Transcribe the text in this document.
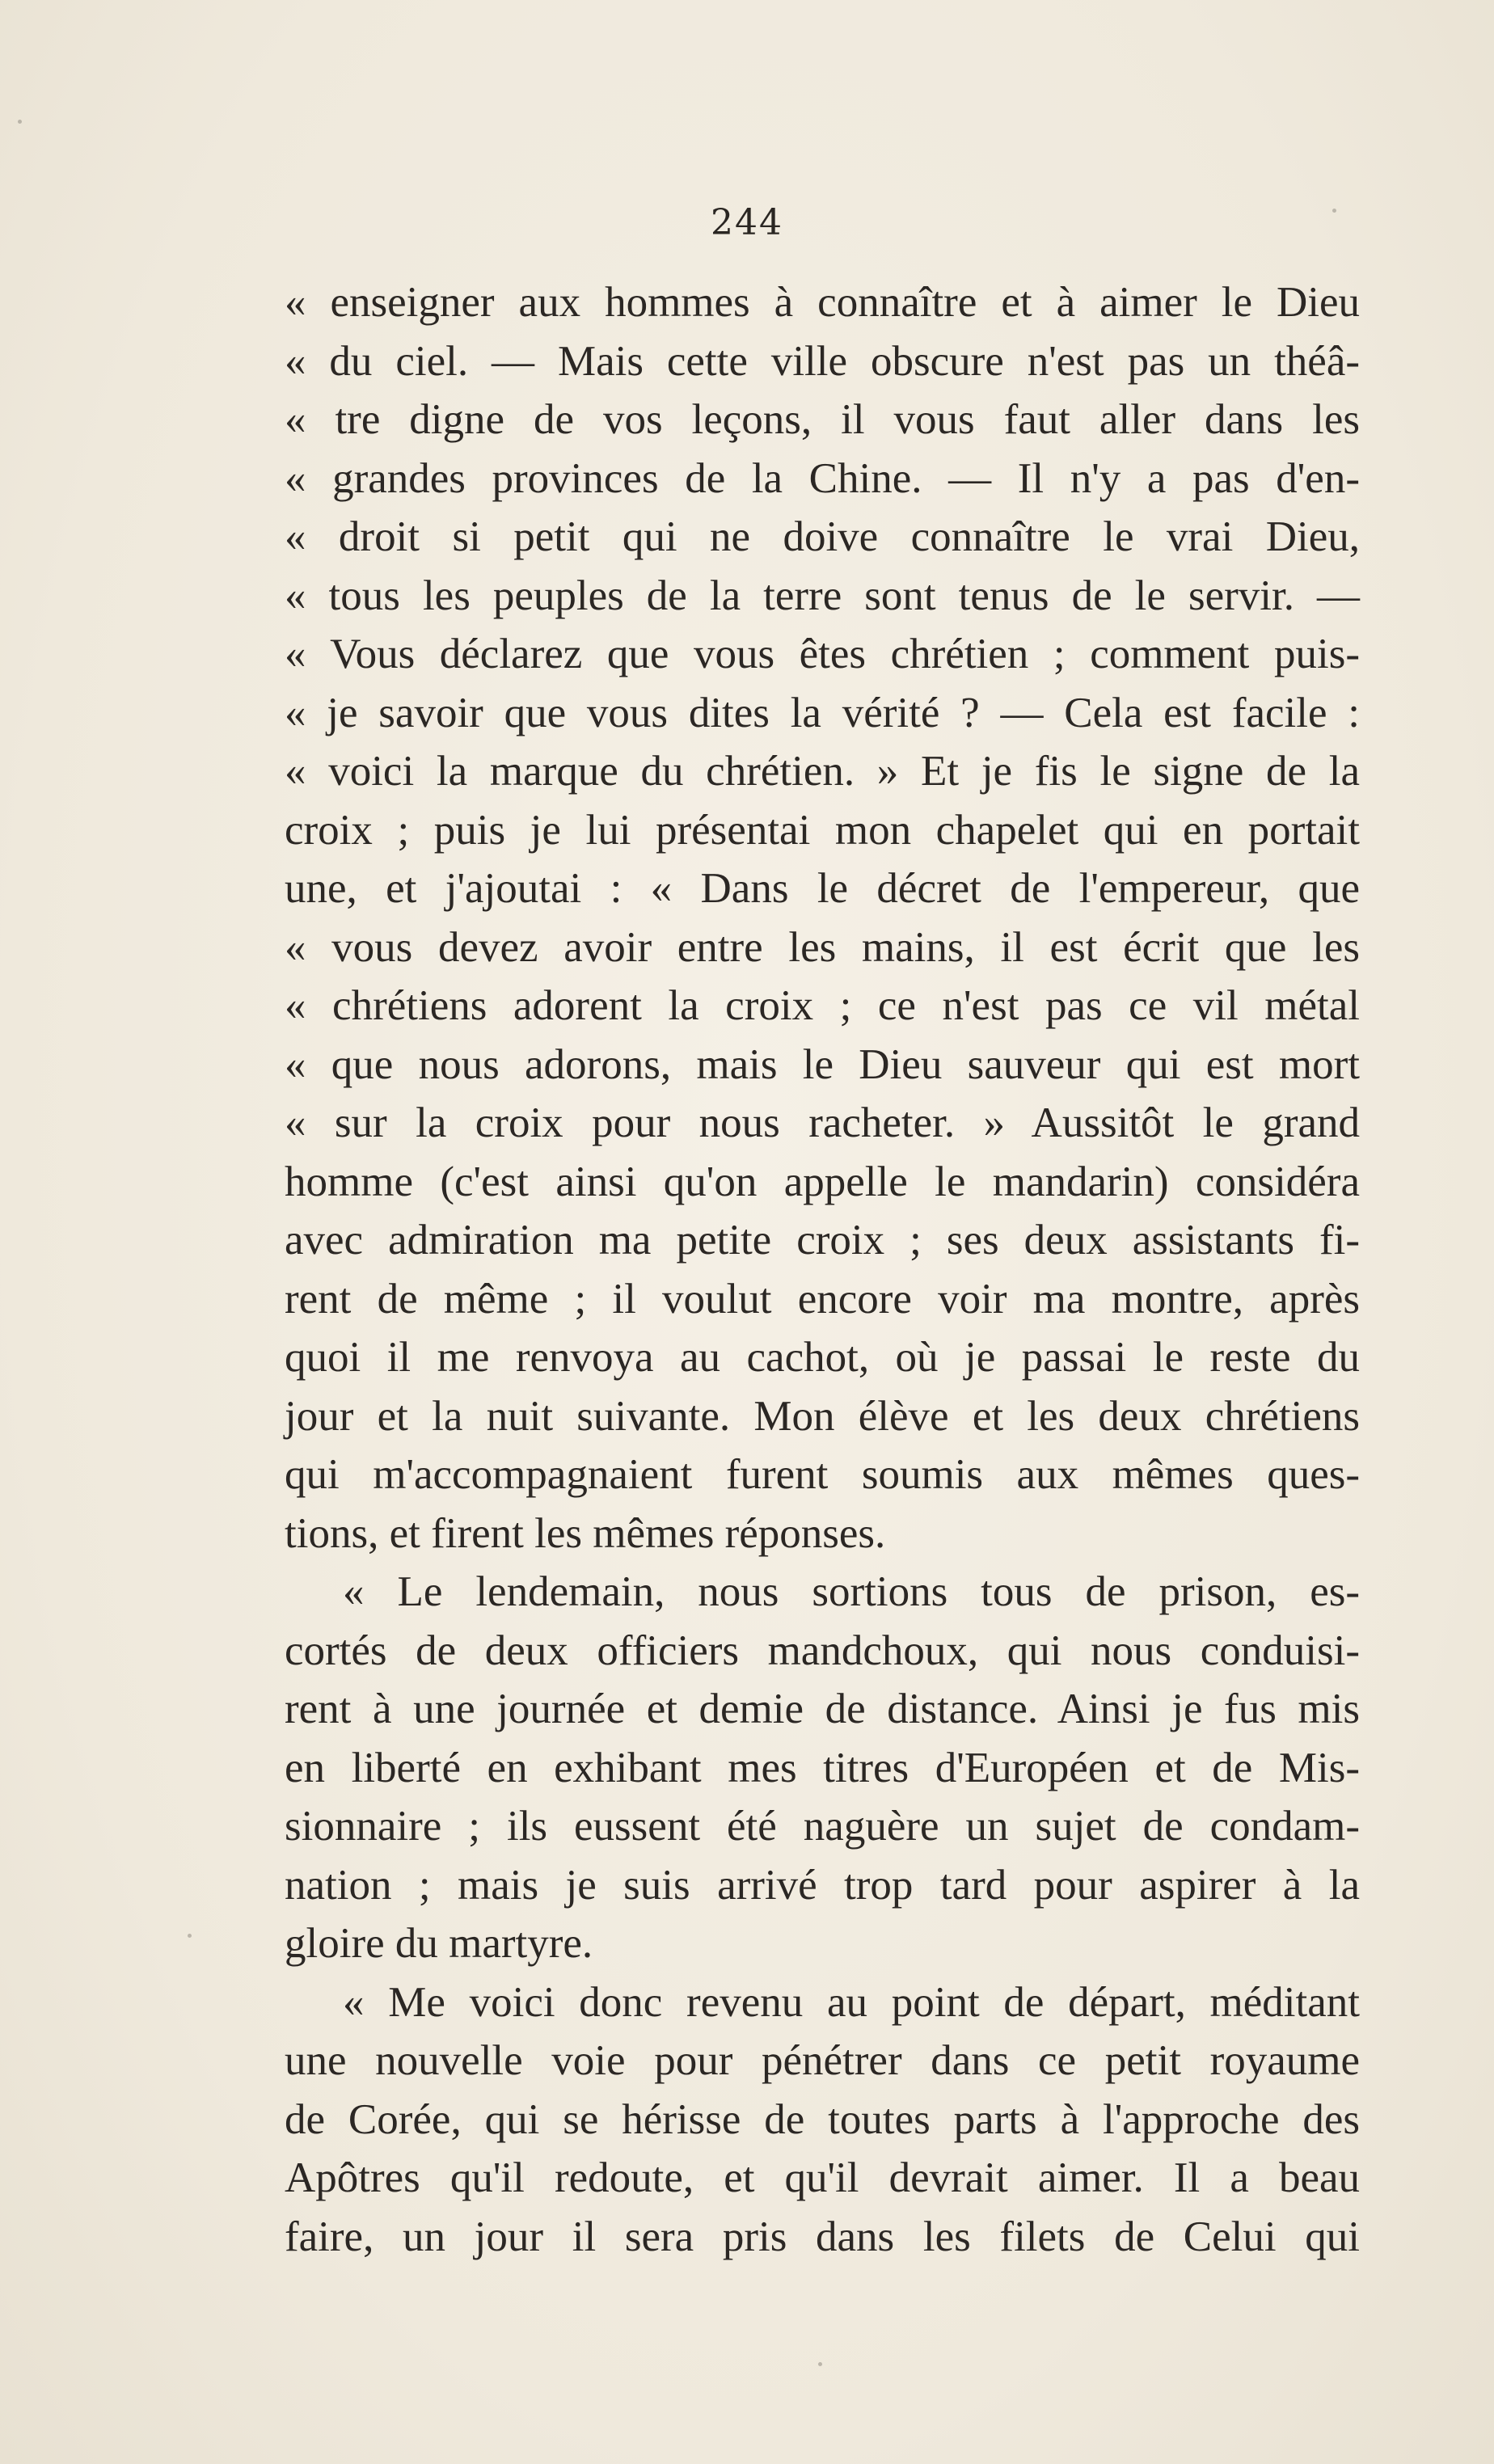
244
« enseigner aux hommes à connaître et à aimer le Dieu
« du ciel. — Mais cette ville obscure n'est pas un théâ-
« tre digne de vos leçons, il vous faut aller dans les
« grandes provinces de la Chine. — Il n'y a pas d'en-
« droit si petit qui ne doive connaître le vrai Dieu,
« tous les peuples de la terre sont tenus de le servir. —
« Vous déclarez que vous êtes chrétien ; comment puis-
« je savoir que vous dites la vérité ? — Cela est facile :
« voici la marque du chrétien. » Et je fis le signe de la
croix ; puis je lui présentai mon chapelet qui en portait
une, et j'ajoutai : « Dans le décret de l'empereur, que
« vous devez avoir entre les mains, il est écrit que les
« chrétiens adorent la croix ; ce n'est pas ce vil métal
« que nous adorons, mais le Dieu sauveur qui est mort
« sur la croix pour nous racheter. » Aussitôt le grand
homme (c'est ainsi qu'on appelle le mandarin) considéra
avec admiration ma petite croix ; ses deux assistants fi-
rent de même ; il voulut encore voir ma montre, après
quoi il me renvoya au cachot, où je passai le reste du
jour et la nuit suivante. Mon élève et les deux chrétiens
qui m'accompagnaient furent soumis aux mêmes ques-
tions, et firent les mêmes réponses.
« Le lendemain, nous sortions tous de prison, es-
cortés de deux officiers mandchoux, qui nous conduisi-
rent à une journée et demie de distance. Ainsi je fus mis
en liberté en exhibant mes titres d'Européen et de Mis-
sionnaire ; ils eussent été naguère un sujet de condam-
nation ; mais je suis arrivé trop tard pour aspirer à la
gloire du martyre.
« Me voici donc revenu au point de départ, méditant
une nouvelle voie pour pénétrer dans ce petit royaume
de Corée, qui se hérisse de toutes parts à l'approche des
Apôtres qu'il redoute, et qu'il devrait aimer. Il a beau
faire, un jour il sera pris dans les filets de Celui qui
